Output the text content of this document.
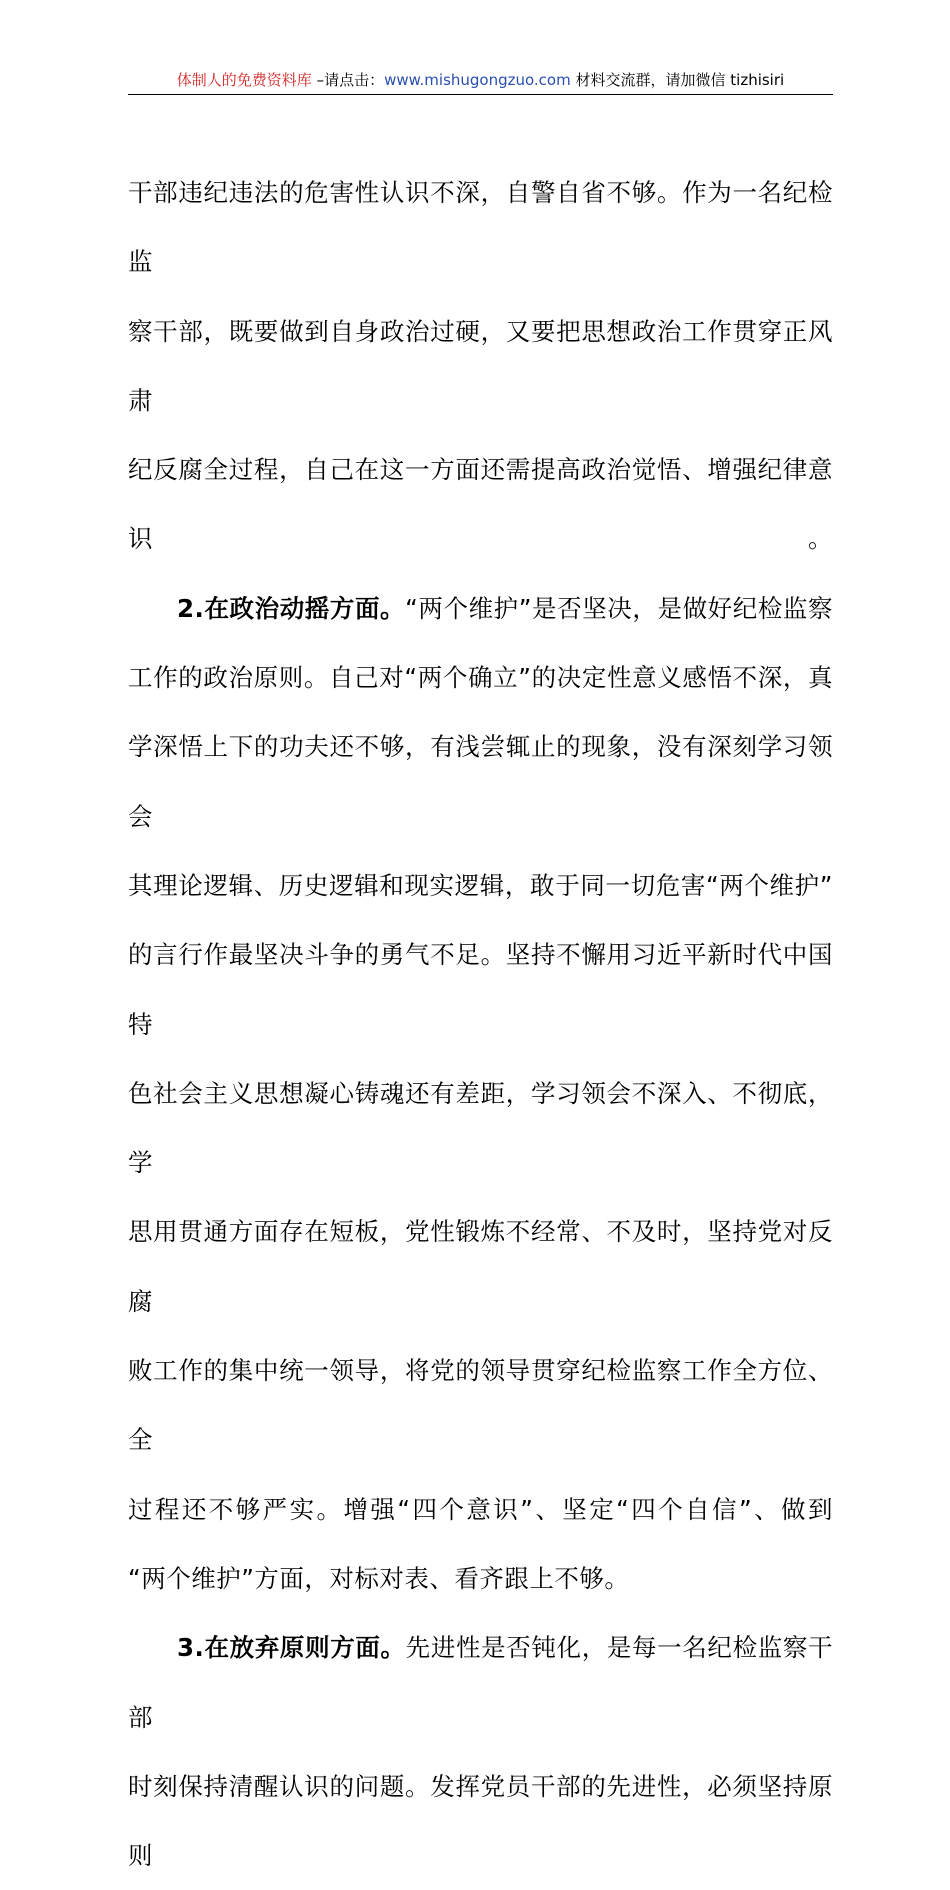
体制人的免费资料库 –请点击：www.mishugongzuo.com 材料交流群，请加微信 tizhisiri

干部违纪违法的危害性认识不深，自警自省不够。作为一名纪检监

察干部，既要做到自身政治过硬，又要把思想政治工作贯穿正风肃

纪反腐全过程，自己在这一方面还需提高政治觉悟、增强纪律意识。

2.在政治动摇方面。“两个维护”是否坚决，是做好纪检监察

工作的政治原则。自己对“两个确立”的决定性意义感悟不深，真

学深悟上下的功夫还不够，有浅尝辄止的现象，没有深刻学习领会

其理论逻辑、历史逻辑和现实逻辑，敢于同一切危害“两个维护”

的言行作最坚决斗争的勇气不足。坚持不懈用习近平新时代中国特

色社会主义思想凝心铸魂还有差距，学习领会不深入、不彻底，学

思用贯通方面存在短板，党性锻炼不经常、不及时，坚持党对反腐

败工作的集中统一领导，将党的领导贯穿纪检监察工作全方位、全

过程还不够严实。增强“四个意识”、坚定“四个自信”、做到

“两个维护”方面，对标对表、看齐跟上不够。

3.在放弃原则方面。先进性是否钝化，是每一名纪检监察干部

时刻保持清醒认识的问题。发挥党员干部的先进性，必须坚持原则
